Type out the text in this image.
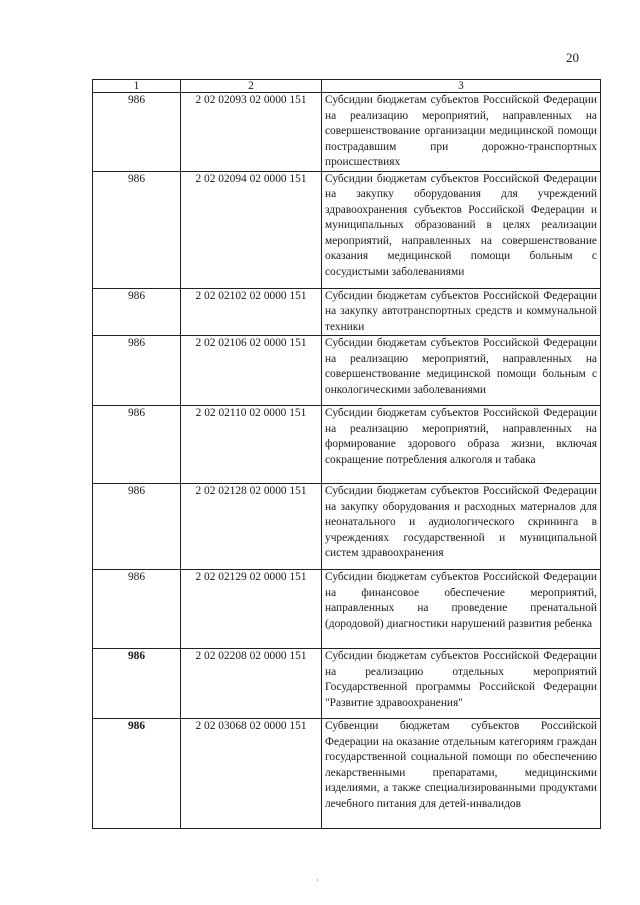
20
1	2	3
986	2 02 02093 02 0000 151	Субсидии бюджетам субъектов Российской Федерации на реализацию мероприятий, направленных на совершенствование организации медицинской помощи пострадавшим при дорожно-транспортных происшествиях
986	2 02 02094 02 0000 151	Субсидии бюджетам субъектов Российской Федерации на закупку оборудования для учреждений здравоохранения субъектов Российской Федерации и муниципальных образований в целях реализации мероприятий, направленных на совершенствование оказания медицинской помощи больным с сосудистыми заболеваниями
986	2 02 02102 02 0000 151	Субсидии бюджетам субъектов Российской Федерации на закупку автотранспортных средств и коммунальной техники
986	2 02 02106 02 0000 151	Субсидии бюджетам субъектов Российской Федерации на реализацию мероприятий, направленных на совершенствование медицинской помощи больным с онкологическими заболеваниями
986	2 02 02110 02 0000 151	Субсидии бюджетам субъектов Российской Федерации на реализацию мероприятий, направленных на формирование здорового образа жизни, включая сокращение потребления алкоголя и табака
986	2 02 02128 02 0000 151	Субсидии бюджетам субъектов Российской Федерации на закупку оборудования и расходных материалов для неонатального и аудиологического скрининга в учреждениях государственной и муниципальной систем здравоохранения
986	2 02 02129 02 0000 151	Субсидии бюджетам субъектов Российской Федерации на финансовое обеспечение мероприятий, направленных на проведение пренатальной (дородовой) диагностики нарушений развития ребенка
986	2 02 02208 02 0000 151	Субсидии бюджетам субъектов Российской Федерации на реализацию отдельных мероприятий Государственной программы Российской Федерации "Развитие здравоохранения"
986	2 02 03068 02 0000 151	Субвенции бюджетам субъектов Российской Федерации на оказание отдельным категориям граждан государственной социальной помощи по обеспечению лекарственными препаратами, медицинскими изделиями, а также специализированными продуктами лечебного питания для детей-инвалидов
·
